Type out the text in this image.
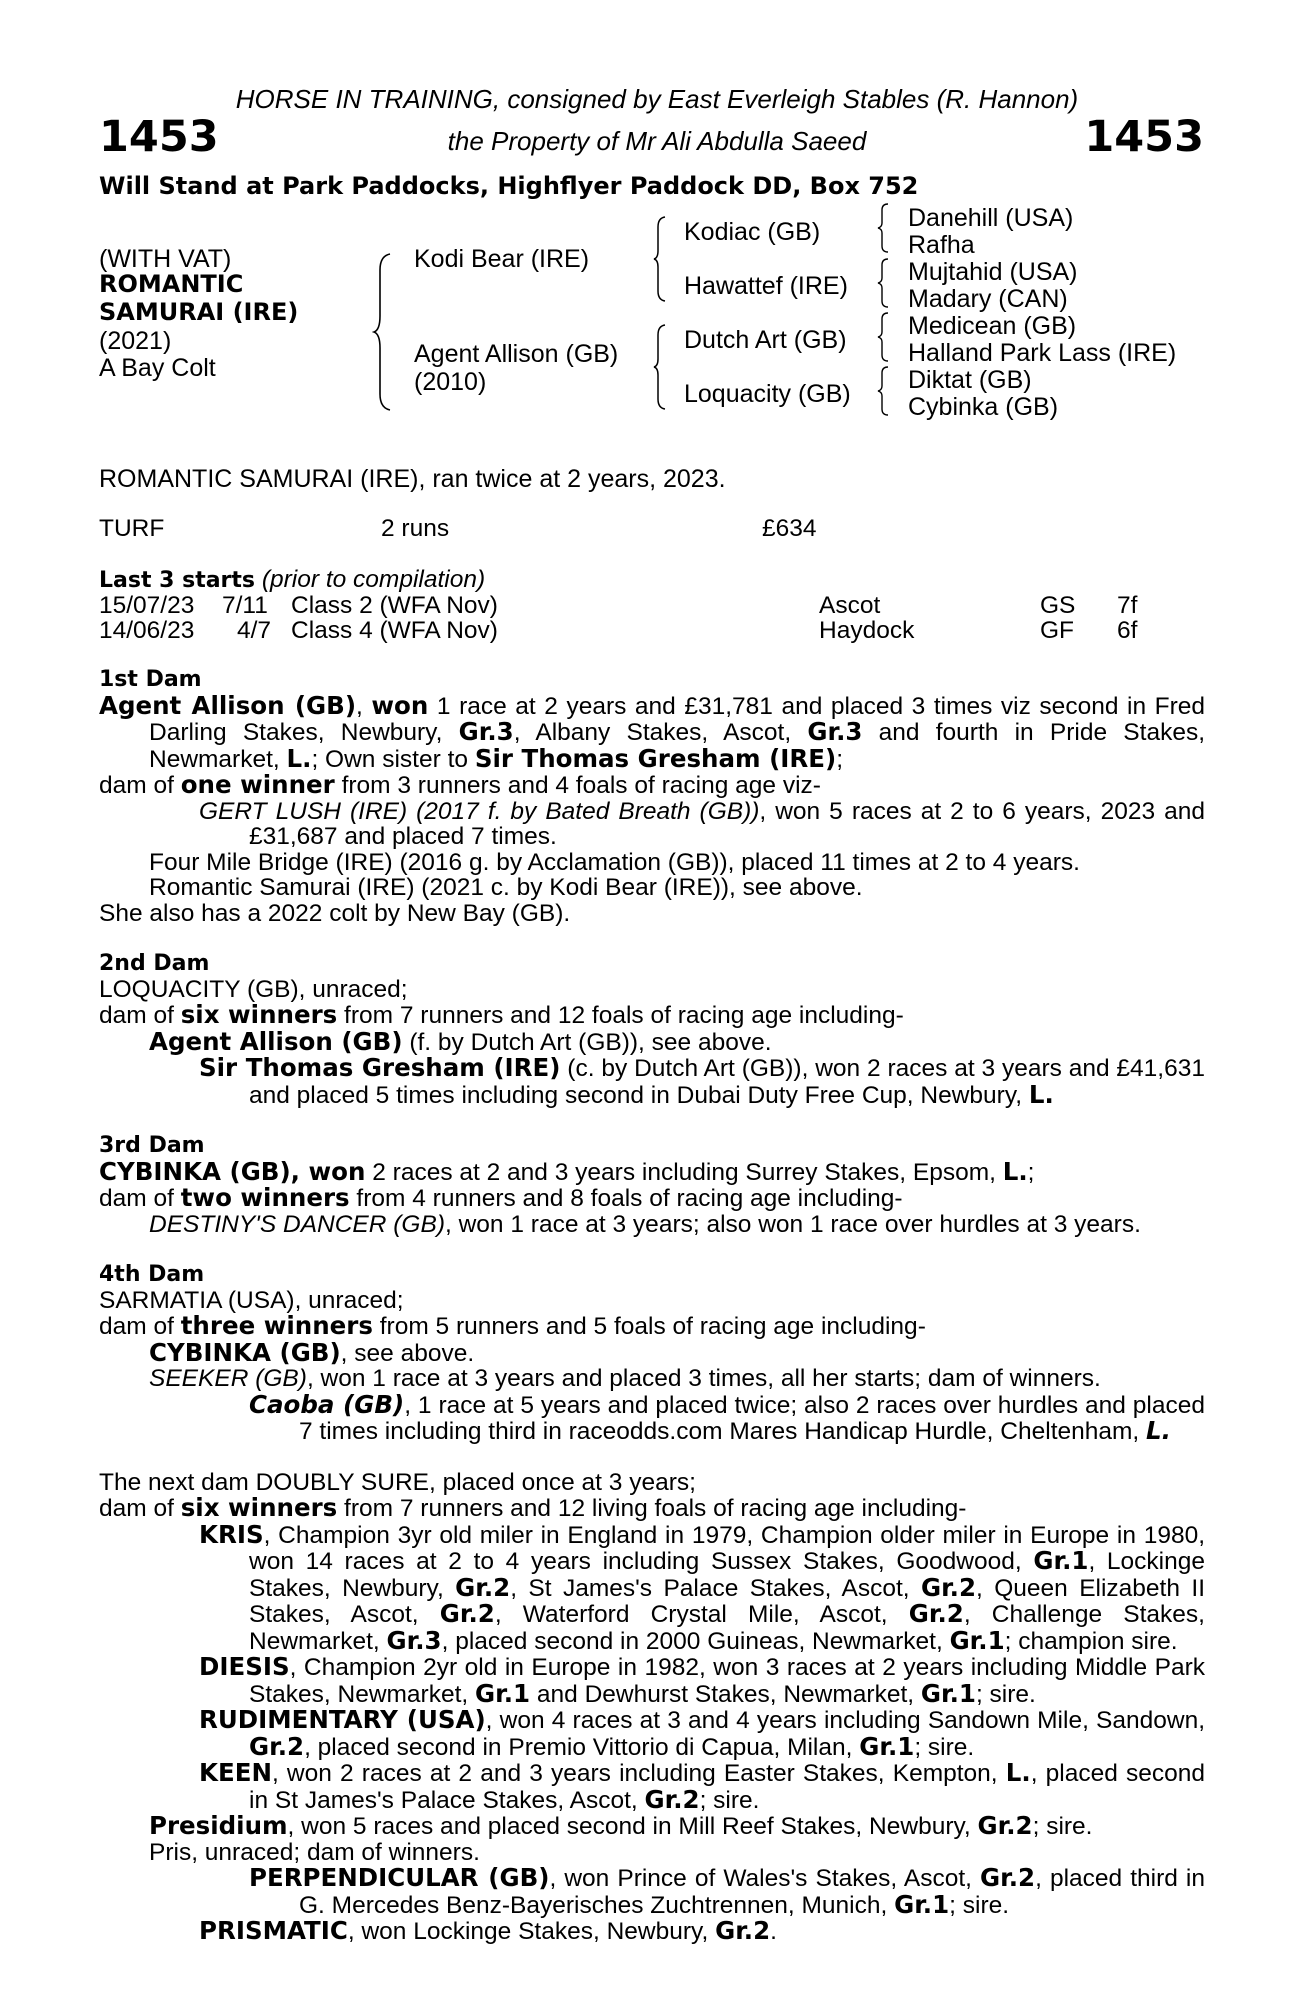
HORSE IN TRAINING, consigned by East Everleigh Stables (R. Hannon)
the Property of Mr Ali Abdulla Saeed
1453	1453
Will Stand at Park Paddocks, Highflyer Paddock DD, Box 752
(WITH VAT)
ROMANTIC
SAMURAI (IRE)
(2021)
A Bay Colt
Kodi Bear (IRE)
Agent Allison (GB)
(2010)
Kodiac (GB)
Hawattef (IRE)
Dutch Art (GB)
Loquacity (GB)
Danehill (USA)
Rafha
Mujtahid (USA)
Madary (CAN)
Medicean (GB)
Halland Park Lass (IRE)
Diktat (GB)
Cybinka (GB)
ROMANTIC SAMURAI (IRE), ran twice at 2 years, 2023.
TURF	2 runs	£634
Last 3 starts (prior to compilation)
15/07/23 7/11 Class 2 (WFA Nov)	Ascot	GS 7f
14/06/23 4/7 Class 4 (WFA Nov)	Haydock	GF 6f

1st Dam

Agent Allison (GB), won 1 race at 2 years and £31,781 and placed 3 times viz second in Fred Darling Stakes, Newbury, Gr.3, Albany Stakes, Ascot, Gr.3 and fourth in Pride Stakes, Newmarket, L.; Own sister to Sir Thomas Gresham (IRE);

dam of one winner from 3 runners and 4 foals of racing age viz-

GERT LUSH (IRE) (2017 f. by Bated Breath (GB)), won 5 races at 2 to 6 years, 2023 and £31,687 and placed 7 times.

Four Mile Bridge (IRE) (2016 g. by Acclamation (GB)), placed 11 times at 2 to 4 years.

Romantic Samurai (IRE) (2021 c. by Kodi Bear (IRE)), see above.

She also has a 2022 colt by New Bay (GB).

2nd Dam

LOQUACITY (GB), unraced;

dam of six winners from 7 runners and 12 foals of racing age including-

Agent Allison (GB) (f. by Dutch Art (GB)), see above.

Sir Thomas Gresham (IRE) (c. by Dutch Art (GB)), won 2 races at 3 years and £41,631 and placed 5 times including second in Dubai Duty Free Cup, Newbury, L.

3rd Dam

CYBINKA (GB), won 2 races at 2 and 3 years including Surrey Stakes, Epsom, L.;

dam of two winners from 4 runners and 8 foals of racing age including-

DESTINY'S DANCER (GB), won 1 race at 3 years; also won 1 race over hurdles at 3 years.

4th Dam

SARMATIA (USA), unraced;

dam of three winners from 5 runners and 5 foals of racing age including-

CYBINKA (GB), see above.

SEEKER (GB), won 1 race at 3 years and placed 3 times, all her starts; dam of winners.

Caoba (GB), 1 race at 5 years and placed twice; also 2 races over hurdles and placed 7 times including third in raceodds.com Mares Handicap Hurdle, Cheltenham, L.

The next dam DOUBLY SURE, placed once at 3 years;

dam of six winners from 7 runners and 12 living foals of racing age including-

KRIS, Champion 3yr old miler in England in 1979, Champion older miler in Europe in 1980, won 14 races at 2 to 4 years including Sussex Stakes, Goodwood, Gr.1, Lockinge Stakes, Newbury, Gr.2, St James's Palace Stakes, Ascot, Gr.2, Queen Elizabeth II Stakes, Ascot, Gr.2, Waterford Crystal Mile, Ascot, Gr.2, Challenge Stakes, Newmarket, Gr.3, placed second in 2000 Guineas, Newmarket, Gr.1; champion sire.

DIESIS, Champion 2yr old in Europe in 1982, won 3 races at 2 years including Middle Park Stakes, Newmarket, Gr.1 and Dewhurst Stakes, Newmarket, Gr.1; sire.

RUDIMENTARY (USA), won 4 races at 3 and 4 years including Sandown Mile, Sandown, Gr.2, placed second in Premio Vittorio di Capua, Milan, Gr.1; sire.

KEEN, won 2 races at 2 and 3 years including Easter Stakes, Kempton, L., placed second in St James's Palace Stakes, Ascot, Gr.2; sire.

Presidium, won 5 races and placed second in Mill Reef Stakes, Newbury, Gr.2; sire.

Pris, unraced; dam of winners.

PERPENDICULAR (GB), won Prince of Wales's Stakes, Ascot, Gr.2, placed third in G. Mercedes Benz-Bayerisches Zuchtrennen, Munich, Gr.1; sire.

PRISMATIC, won Lockinge Stakes, Newbury, Gr.2.
